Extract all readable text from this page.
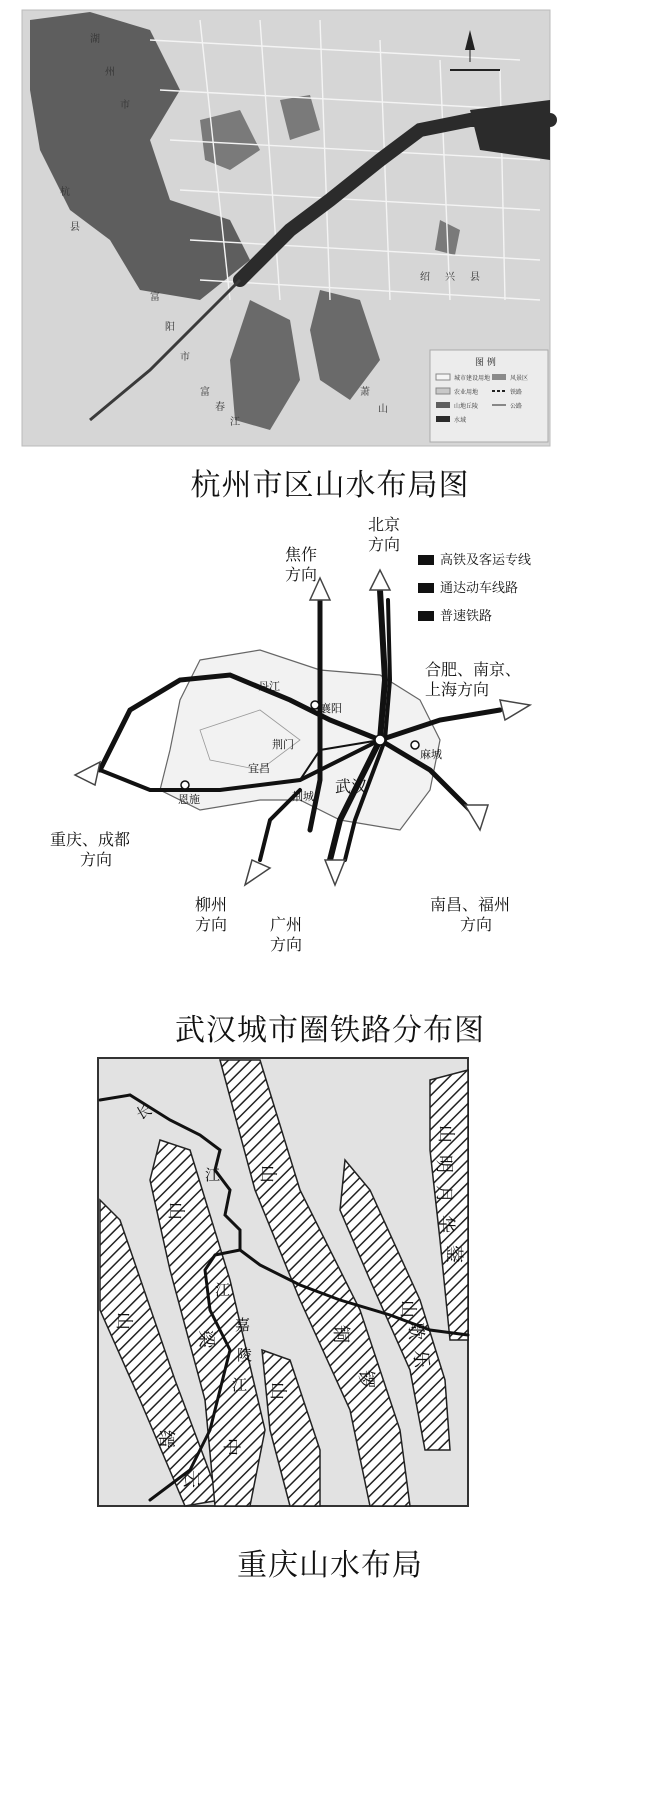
湖
州
市
杭
县
富
阳
市
绍 兴 县
富
春
江
萧
山
图 例
城市建设用地
农业用地
山地丘陵
水域
风景区
铁路
公路
杭州市区山水布局图
高铁及客运专线
通达动车线路
普速铁路
北京方向
焦作方向
合肥、南京、上海方向
重庆、成都方向
柳州方向	广州方向
南昌、福州方向
丹江
襄阳
荆门
宜昌
恩施
麻城
荆城
武汉
武汉城市圈铁路分布图
长
江
江
嘉
陵
江
山
山
山
山
山
山
明
月
歌
乐
铜
锣
中
梁
缙
云
华
蓥
重庆山水布局
